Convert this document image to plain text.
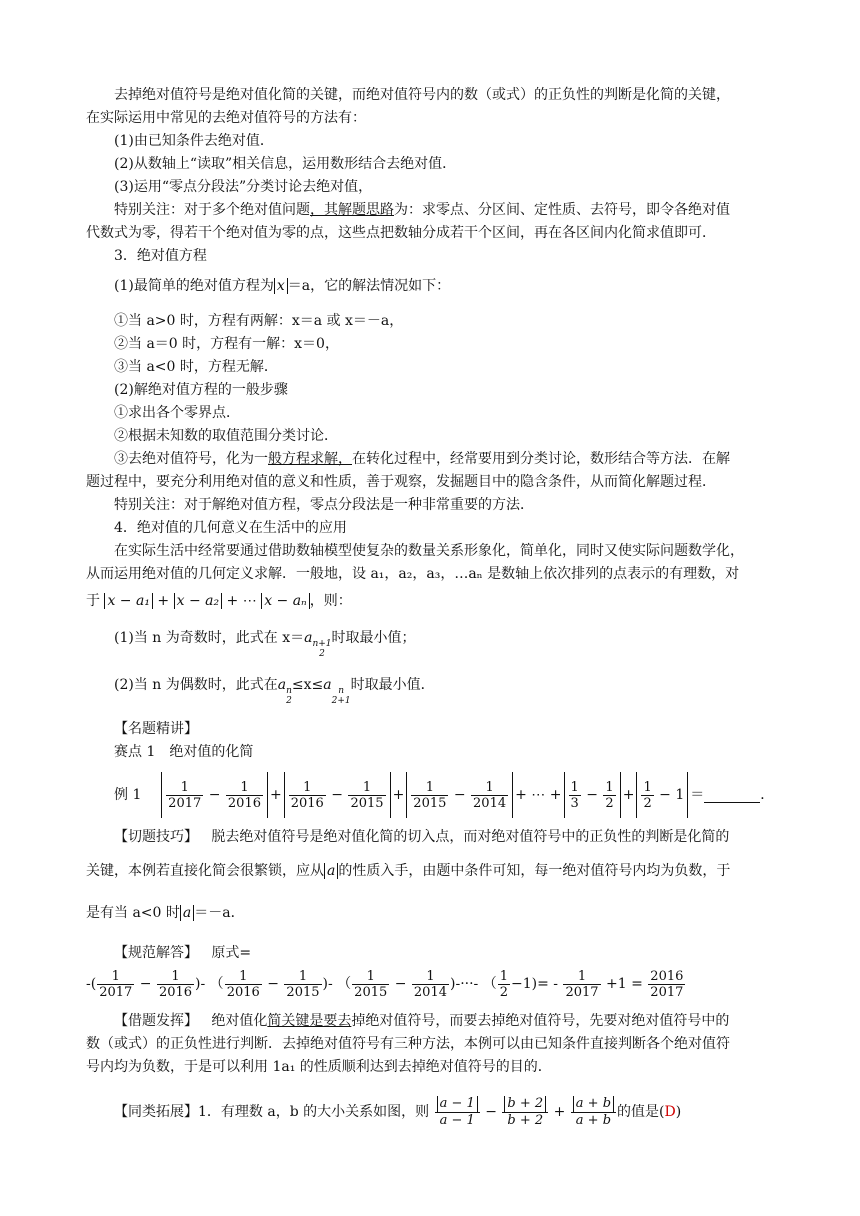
去掉绝对值符号是绝对值化简的关键，而绝对值符号内的数（或式）的正负性的判断是化简的关键，
在实际运用中常见的去绝对值符号的方法有：
(1)由已知条件去绝对值．
(2)从数轴上“读取”相关信息，运用数形结合去绝对值．
(3)运用“零点分段法”分类讨论去绝对值，
特别关注：对于多个绝对值问题，其解题思路为：求零点、分区间、定性质、去符号，即令各绝对值
代数式为零，得若干个绝对值为零的点，这些点把数轴分成若干个区间，再在各区间内化简求值即可．
3．绝对值方程
(1)最简单的绝对值方程为 x ＝a，它的解法情况如下：
①当 a>0 时，方程有两解：x＝a 或 x＝－a，
②当 a＝0 时，方程有一解：x＝0，
③当 a<0 时，方程无解．
(2)解绝对值方程的一般步骤
①求出各个零界点．
②根据未知数的取值范围分类讨论．
③去绝对值符号，化为一般方程求解，在转化过程中，经常要用到分类讨论，数形结合等方法．在解
题过程中，要充分利用绝对值的意义和性质，善于观察，发掘题目中的隐含条件，从而简化解题过程．
特别关注：对于解绝对值方程，零点分段法是一种非常重要的方法．
4．绝对值的几何意义在生活中的应用
在实际生活中经常要通过借助数轴模型使复杂的数量关系形象化，简单化，同时又使实际问题数学化，
从而运用绝对值的几何定义求解．一般地，设 a₁，a₂，a₃，…aₙ 是数轴上依次排列的点表示的有理数，对
于 x − a₁ + x − a₂ + ⋯ x − aₙ ，则：
(1)当 n 为奇数时，此式在 x＝an+1
2时取最小值；
(2)当 n 为偶数时，此式在an
2≤x≤a n
2+1时取最小值．
【名题精讲】
赛点 1　绝对值的化简
例 $1 \frac{1}{2017} - \frac{1}{2016} + \frac{1}{2016} - \frac{1}{2015} + \frac{1}{2015} - \frac{1}{2014}$ + ⋯ + $\frac{1}{3} - \frac{1}{2} + \frac{1}{2} - 1$ ＝	．
【切题技巧】 脱去绝对值符号是绝对值化简的切入点，而对绝对值符号中的正负性的判断是化简的
关键，本例若直接化简会很繁锁，应从 a 的性质入手，由题中条件可知，每一绝对值符号内均为负数，于
是有当 a<0 时 a ＝－a．
【规范解答】 原式=
-( $\frac{1}{2017} - \frac{1}{2016}$ )- （ $\frac{1}{2016} - \frac{1}{2015}$ )- （ $\frac{1}{2015} - \frac{1}{2014}$ )-···- （ $\frac{1}{2} -1)= - \frac{1}{2017} +1 = \frac{2016}{2017}$
【借题发挥】 绝对值化简关键是要去掉绝对值符号，而要去掉绝对值符号，先要对绝对值符号中的
数（或式）的正负性进行判断．去掉绝对值符号有三种方法，本例可以由已知条件直接判断各个绝对值符
号内均为负数，于是可以利用 1a₁ 的性质顺利达到去掉绝对值符号的目的．
【同类拓展】1．有理数 a，b 的大小关系如图，则 $\frac{a - 1}{a - 1} - \frac{b + 2}{b + 2} + \frac{a + b}{a + b}$ 的值是(D)
